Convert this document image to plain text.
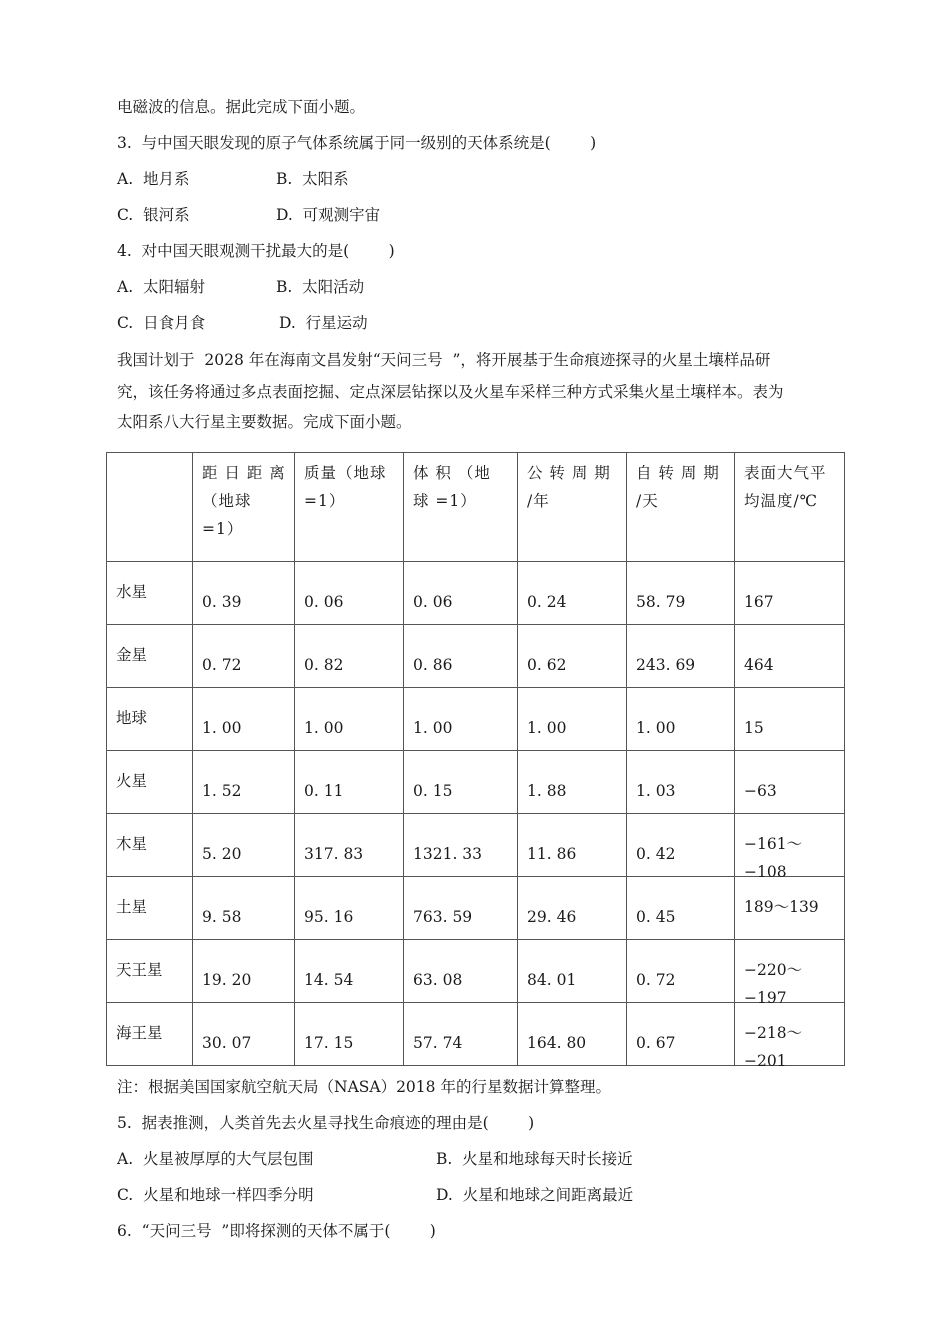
电磁波的信息。据此完成下面小题。
3.  与中国天眼发现的原子气体系统属于同一级别的天体系统是(        )
A.  地月系	B.  太阳系
C.  银河系	D.  可观测宇宙
4.  对中国天眼观测干扰最大的是(        )
A.  太阳辐射	B.  太阳活动
C.  日食月食	D.  行星运动
我国计划于  2028 年在海南文昌发射“天问三号  ”，将开展基于生命痕迹探寻的火星土壤样品研
究，该任务将通过多点表面挖掘、定点深层钻探以及火星车采样三种方式采集火星土壤样本。表为
太阳系八大行星主要数据。完成下面小题。

	距 日 距 离（地球 =1）	质量（地球 =1）	体 积 （地 球 =1）	公 转 周 期 /年	自 转 周 期 /天	表面大气平均温度/℃

水星	0. 39	0. 06	0. 06	0. 24	58. 79	167

金星	0. 72	0. 82	0. 86	0. 62	243. 69	464

地球	1. 00	1. 00	1. 00	1. 00	1. 00	15

火星	1. 52	0. 11	0. 15	1. 88	1. 03	−63

木星	5. 20	317. 83	1321. 33	11. 86	0. 42	−161～−108

土星	9. 58	95. 16	763. 59	29. 46	0. 45	189～139

天王星	19. 20	14. 54	63. 08	84. 01	0. 72	−220～−197

海王星	30. 07	17. 15	57. 74	164. 80	0. 67	−218～−201
注：根据美国国家航空航天局（NASA）2018 年的行星数据计算整理。
5.  据表推测，人类首先去火星寻找生命痕迹的理由是(        )
A.  火星被厚厚的大气层包围	B.  火星和地球每天时长接近
C.  火星和地球一样四季分明	D.  火星和地球之间距离最近
6.  “天问三号  ”即将探测的天体不属于(        )
